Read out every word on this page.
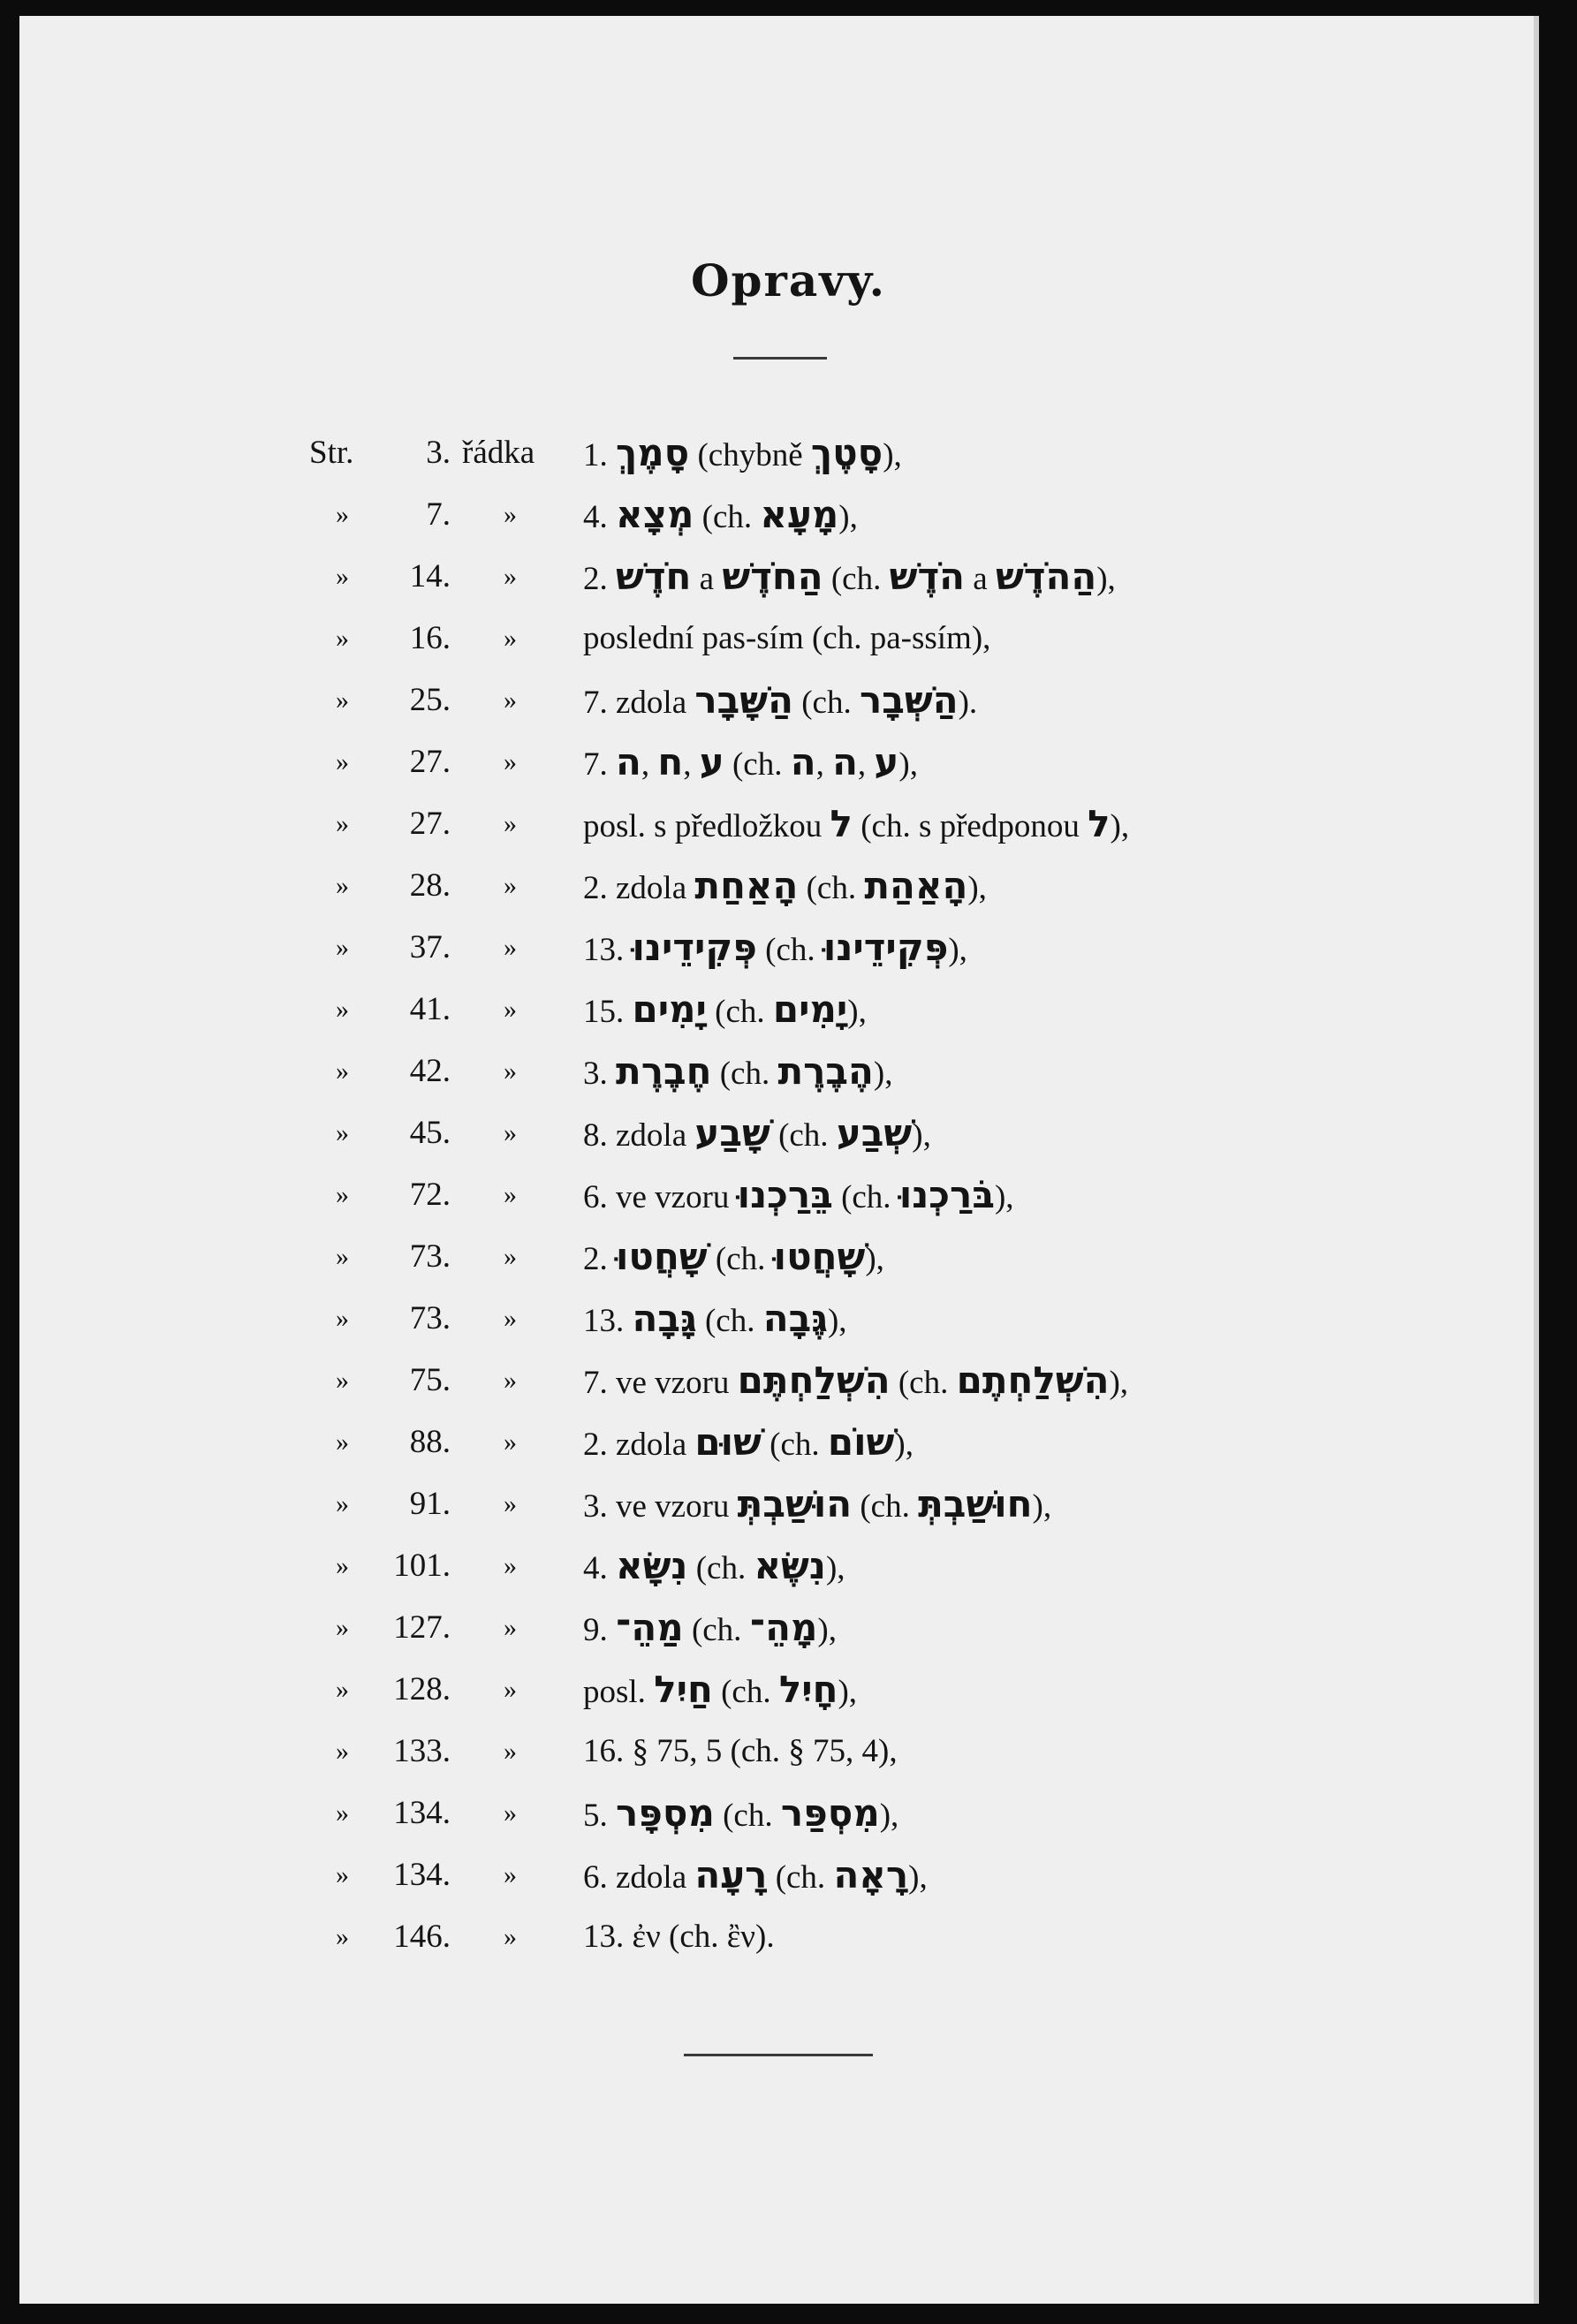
Opravy.
Str. 3. řádka 1. סָמֶךְ (chybně סָטֶךְ),
» 7. » 4. מְצָא (ch. מָעָא),
» 14. » 2. חֹדֶשׁ a הַחֹדֶשׁ (ch. הֹדֶשׁ a הַהֹדֶשׁ),
» 16. » poslední pas-sím (ch. pa-ssím),
» 25. » 7. zdola הַשָּׁבָר (ch. הַשְּׁבָר).
» 27. » 7. ה, ח, ע (ch. ה, ה, ע),
» 27. » posl. s předložkou ל (ch. s předponou ל),
» 28. » 2. zdola הָאַחַת (ch. הָאַהַת),
» 37. » 13. פְּקִידֵינוּ (ch. פְּקִידֵינוּ),
» 41. » 15. יָמִים (ch. יָמִים),
» 42. » 3. חֶבֶרֶת (ch. הֶבֶרֶת),
» 45. » 8. zdola שָׁבַע (ch. שְׁבַע),
» 72. » 6. ve vzoru בֵּרַכְנוּ (ch. בֹּרַכְנוּ),
» 73. » 2. שָׁחֲטוּ (ch. שָׁחֲטוּ),
» 73. » 13. גָּבָה (ch. גֶּבָה),
» 75. » 7. ve vzoru הִשְׁלַחְתֶּם (ch. הִשְׁלַחְתֶם),
» 88. » 2. zdola שׁוּם (ch. שׁוֹם),
» 91. » 3. ve vzoru הוּשַׁבְתְּ (ch. חוּשַׁבְתְּ),
» 101. » 4. נִשָּׂא (ch. נִשֶּׂא),
» 127. » 9. מַהֵ־ (ch. מָהֵ־),
» 128. » posl. חַיִל (ch. חָיִל),
» 133. » 16. § 75, 5 (ch. § 75, 4),
» 134. » 5. מִסְפָּר (ch. מִסְפַּר),
» 134. » 6. zdola רָעָה (ch. רָאָה),
» 146. » 13. ἐν (ch. ἒν).
